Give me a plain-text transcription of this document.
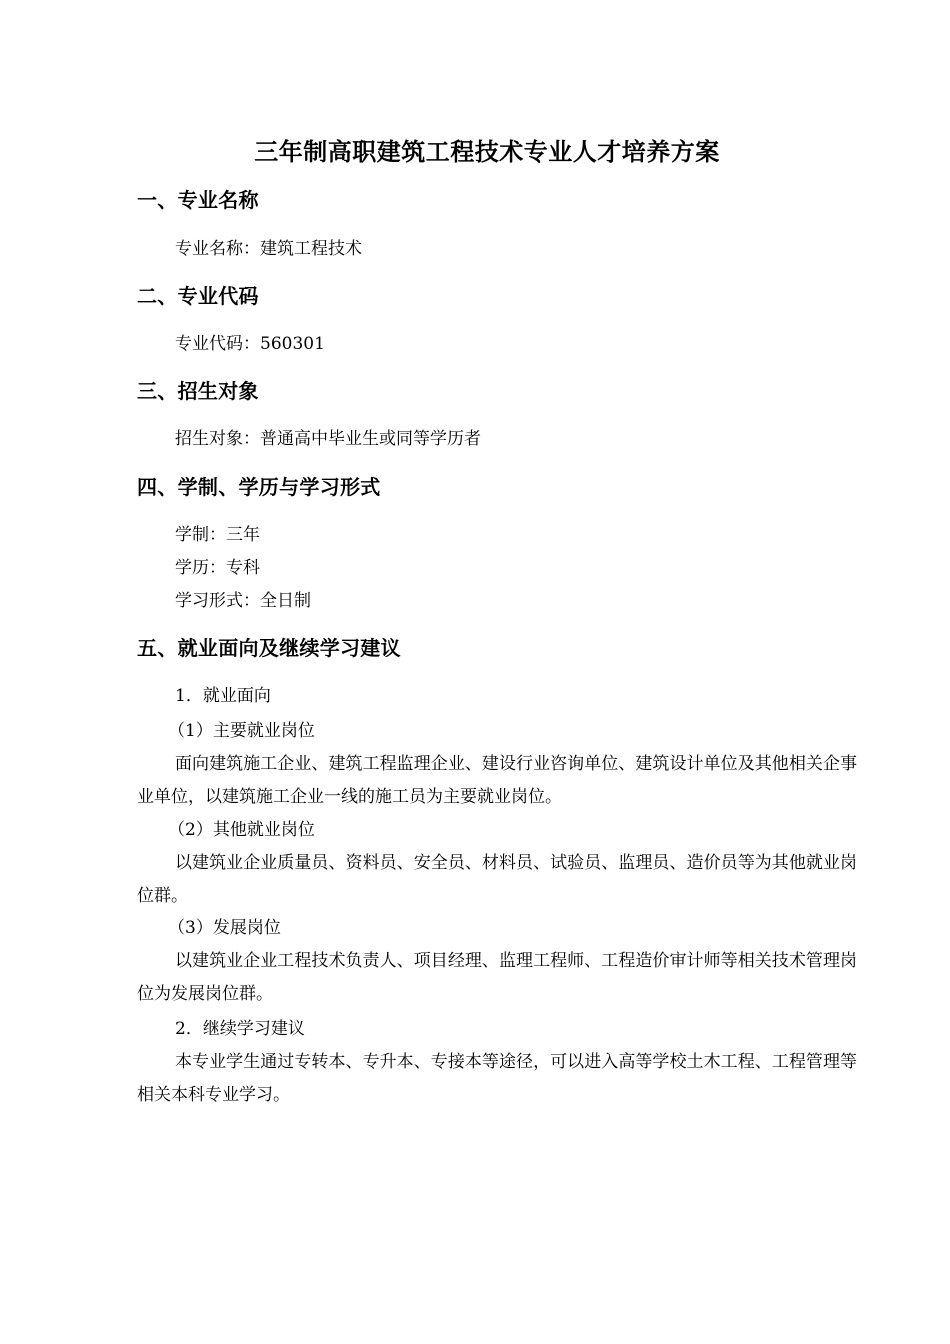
三年制高职建筑工程技术专业人才培养方案
一、专业名称
专业名称：建筑工程技术
二、专业代码
专业代码：560301
三、招生对象
招生对象：普通高中毕业生或同等学历者
四、学制、学历与学习形式
学制：三年
学历：专科
学习形式：全日制
五、就业面向及继续学习建议
1．就业面向
（1）主要就业岗位
面向建筑施工企业、建筑工程监理企业、建设行业咨询单位、建筑设计单位及其他相关企事业单位，以建筑施工企业一线的施工员为主要就业岗位。
（2）其他就业岗位
以建筑业企业质量员、资料员、安全员、材料员、试验员、监理员、造价员等为其他就业岗位群。
（3）发展岗位
以建筑业企业工程技术负责人、项目经理、监理工程师、工程造价审计师等相关技术管理岗位为发展岗位群。
2．继续学习建议
本专业学生通过专转本、专升本、专接本等途径，可以进入高等学校土木工程、工程管理等相关本科专业学习。
